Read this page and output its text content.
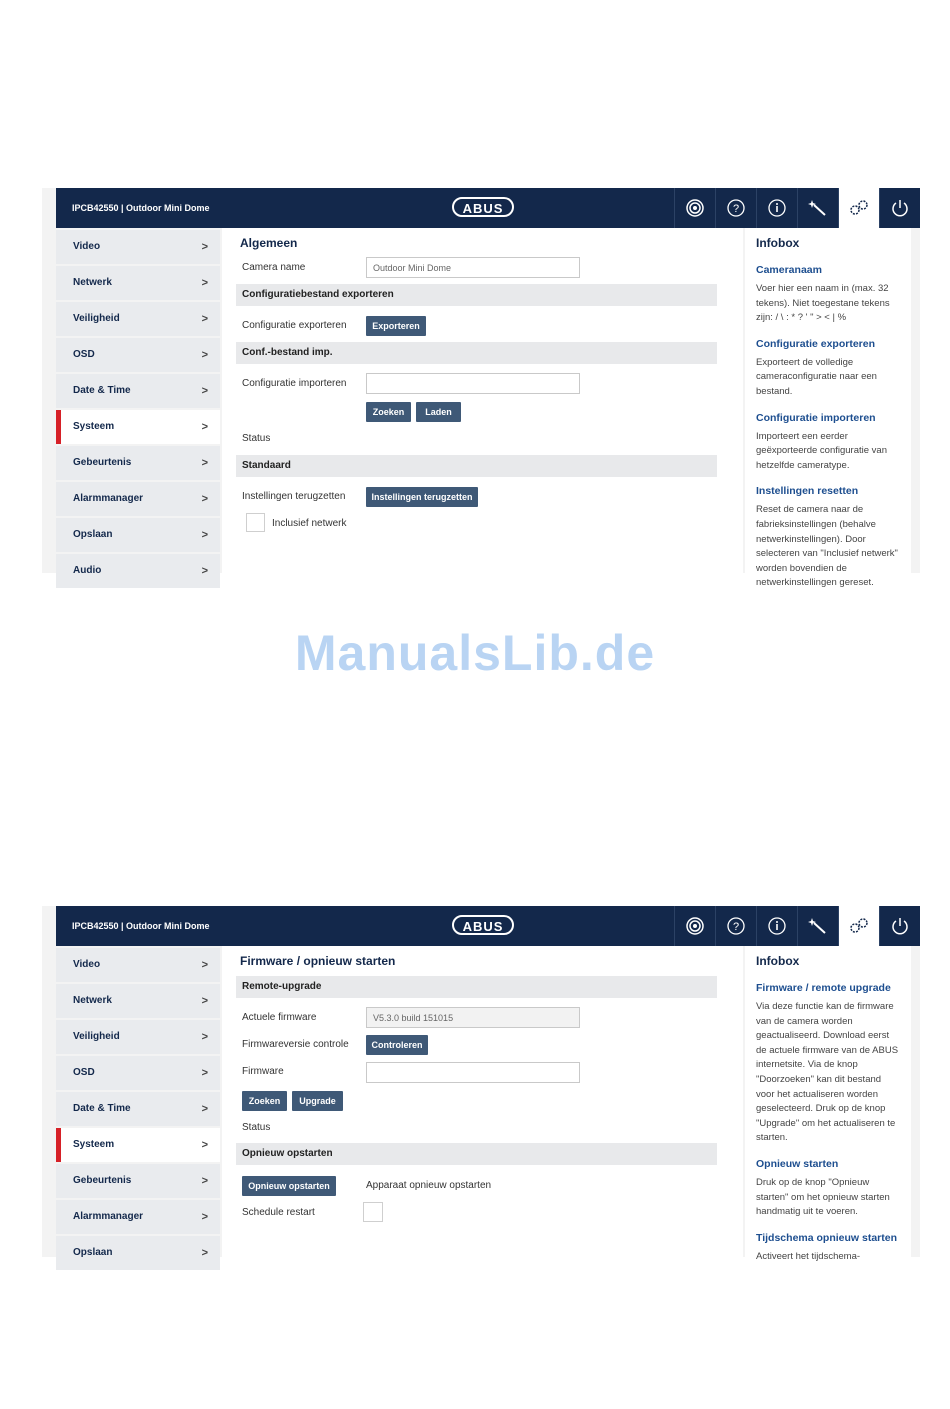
IPCB42550 | Outdoor Mini Dome	ABUS	?
Video	>
Netwerk	>
Veiligheid	>
OSD	>
Date & Time	>
Systeem	>
Gebeurtenis	>
Alarmmanager	>
Opslaan	>
Audio	>
Algemeen
Camera name	Outdoor Mini Dome
Configuratiebestand exporteren
Configuratie exporteren	Exporteren
Conf.-bestand imp.
Configuratie importeren
Zoeken	Laden
Status
Standaard
Instellingen terugzetten	Instellingen terugzetten
Inclusief netwerk
Infobox
Cameranaam
Voer hier een naam in (max. 32 tekens). Niet toegestane tekens zijn: / \ : * ? ' " > < | %
Configuratie exporteren
Exporteert de volledige cameraconfiguratie naar een bestand.
Configuratie importeren
Importeert een eerder geëxporteerde configuratie van hetzelfde cameratype.
Instellingen resetten
Reset de camera naar de fabrieksinstellingen (behalve netwerkinstellingen). Door selecteren van "Inclusief netwerk" worden bovendien de netwerkinstellingen gereset.
ManualsLib.de
IPCB42550 | Outdoor Mini Dome	ABUS	?
Video	>
Netwerk	>
Veiligheid	>
OSD	>
Date & Time	>
Systeem	>
Gebeurtenis	>
Alarmmanager	>
Opslaan	>
Firmware / opnieuw starten
Remote-upgrade
Actuele firmware	V5.3.0 build 151015
Firmwareversie controle	Controleren
Firmware
Zoeken	Upgrade
Status
Opnieuw opstarten
Opnieuw opstarten	Apparaat opnieuw opstarten
Schedule restart
Infobox
Firmware / remote upgrade
Via deze functie kan de firmware van de camera worden geactualiseerd. Download eerst de actuele firmware van de ABUS internetsite. Via de knop "Doorzoeken" kan dit bestand voor het actualiseren worden geselecteerd. Druk op de knop "Upgrade" om het actualiseren te starten.
Opnieuw starten
Druk op de knop "Opnieuw starten" om het opnieuw starten handmatig uit te voeren.
Tijdschema opnieuw starten
Activeert het tijdschema-
